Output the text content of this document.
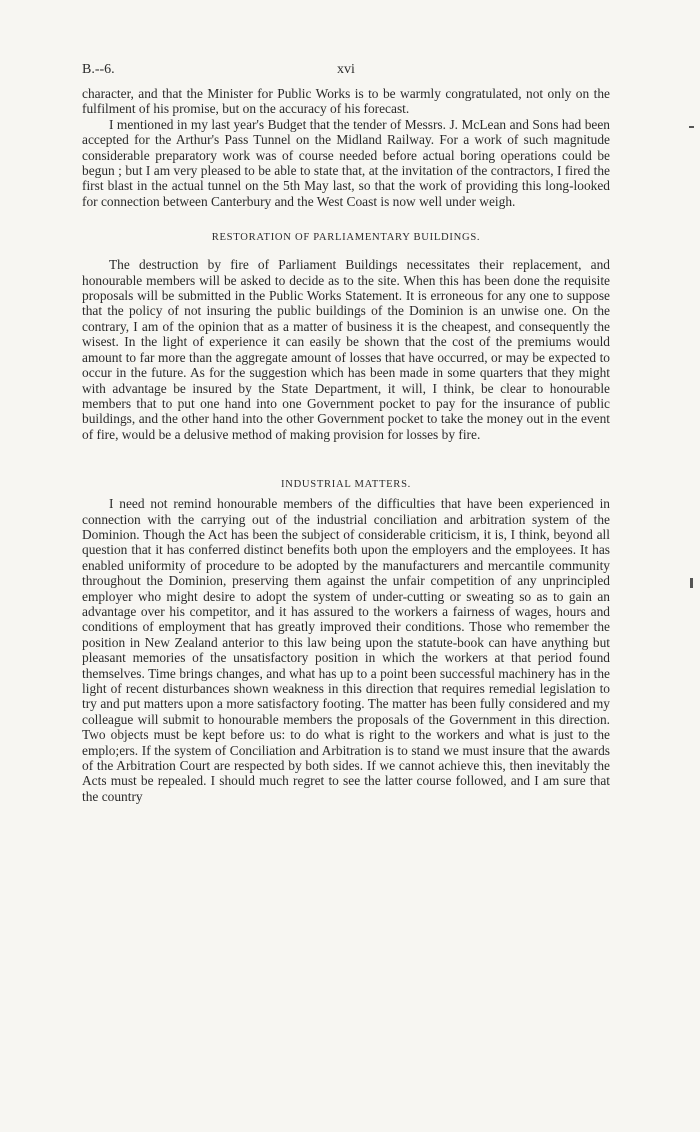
B.--6.	xvi

character, and that the Minister for Public Works is to be warmly congratulated, not only on the fulfilment of his promise, but on the accuracy of his forecast.

I mentioned in my last year's Budget that the tender of Messrs. J. McLean and Sons had been accepted for the Arthur's Pass Tunnel on the Midland Railway. For a work of such magnitude considerable preparatory work was of course needed before actual boring operations could be begun ; but I am very pleased to be able to state that, at the invitation of the contractors, I fired the first blast in the actual tunnel on the 5th May last, so that the work of providing this long-looked for connection between Canterbury and the West Coast is now well under weigh.

RESTORATION OF PARLIAMENTARY BUILDINGS.

The destruction by fire of Parliament Buildings necessitates their replacement, and honourable members will be asked to decide as to the site. When this has been done the requisite proposals will be submitted in the Public Works Statement. It is erroneous for any one to suppose that the policy of not insuring the public buildings of the Dominion is an unwise one. On the contrary, I am of the opinion that as a matter of business it is the cheapest, and consequently the wisest. In the light of experience it can easily be shown that the cost of the premiums would amount to far more than the aggregate amount of losses that have occurred, or may be expected to occur in the future. As for the suggestion which has been made in some quarters that they might with advantage be insured by the State Department, it will, I think, be clear to honourable members that to put one hand into one Government pocket to pay for the insurance of public buildings, and the other hand into the other Government pocket to take the money out in the event of fire, would be a delusive method of making provision for losses by fire.

INDUSTRIAL MATTERS.

I need not remind honourable members of the difficulties that have been experienced in connection with the carrying out of the industrial conciliation and arbitration system of the Dominion. Though the Act has been the subject of considerable criticism, it is, I think, beyond all question that it has conferred distinct benefits both upon the employers and the employees. It has enabled uniformity of procedure to be adopted by the manufacturers and mercantile community throughout the Dominion, preserving them against the unfair competition of any unprincipled employer who might desire to adopt the system of under-cutting or sweating so as to gain an advantage over his competitor, and it has assured to the workers a fairness of wages, hours and conditions of employment that has greatly improved their conditions. Those who remember the position in New Zealand anterior to this law being upon the statute-book can have anything but pleasant memories of the unsatisfactory position in which the workers at that period found themselves. Time brings changes, and what has up to a point been successful machinery has in the light of recent disturbances shown weakness in this direction that requires remedial legislation to try and put matters upon a more satisfactory footing. The matter has been fully considered and my colleague will submit to honourable members the proposals of the Government in this direction. Two objects must be kept before us: to do what is right to the workers and what is just to the emplo;ers. If the system of Conciliation and Arbitration is to stand we must insure that the awards of the Arbitration Court are respected by both sides. If we cannot achieve this, then inevitably the Acts must be repealed. I should much regret to see the latter course followed, and I am sure that the country
